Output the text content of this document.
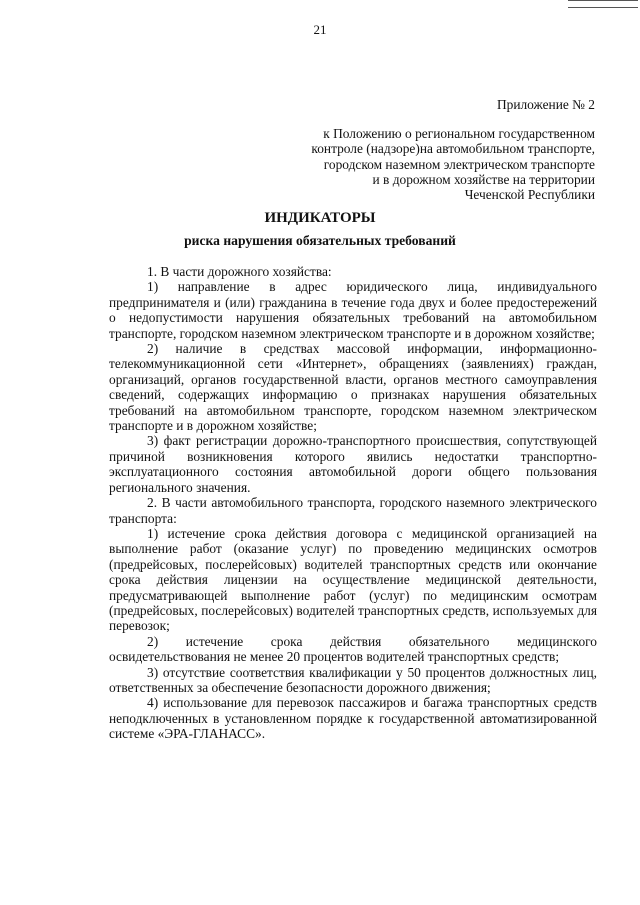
21
Приложение № 2
к Положению о региональном государственном
контроле (надзоре)на автомобильном транспорте,
городском наземном электрическом транспорте
и в дорожном хозяйстве на территории
Чеченской Республики
ИНДИКАТОРЫ
риска нарушения обязательных требований

1. В части дорожного хозяйства:

1) направление в адрес юридического лица, индивидуального предпринимателя и (или) гражданина в течение года двух и более предостережений о недопустимости нарушения обязательных требований на автомобильном транспорте, городском наземном электрическом транспорте и в дорожном хозяйстве;

2) наличие в средствах массовой информации, информационно-телекоммуникационной сети «Интернет», обращениях (заявлениях) граждан, организаций, органов государственной власти, органов местного самоуправления сведений, содержащих информацию о признаках нарушения обязательных требований на автомобильном транспорте, городском наземном электрическом транспорте и в дорожном хозяйстве;

3) факт регистрации дорожно-транспортного происшествия, сопутствующей причиной возникновения которого явились недостатки транспортно- эксплуатационного состояния автомобильной дороги общего пользования регионального значения.

2. В части автомобильного транспорта, городского наземного электрического транспорта:

1) истечение срока действия договора с медицинской организацией на выполнение работ (оказание услуг) по проведению медицинских осмотров (предрейсовых, послерейсовых) водителей транспортных средств или окончание срока действия лицензии на осуществление медицинской деятельности, предусматривающей выполнение работ (услуг) по медицинским осмотрам (предрейсовых, послерейсовых) водителей транспортных средств, используемых для перевозок;

2) истечение срока действия обязательного медицинского освидетельствования не менее 20 процентов водителей транспортных средств;

3) отсутствие соответствия квалификации у 50 процентов должностных лиц, ответственных за обеспечение безопасности дорожного движения;

4) использование для перевозок пассажиров и багажа транспортных средств неподключенных в установленном порядке к государственной автоматизированной системе «ЭРА-ГЛАНАСС».
